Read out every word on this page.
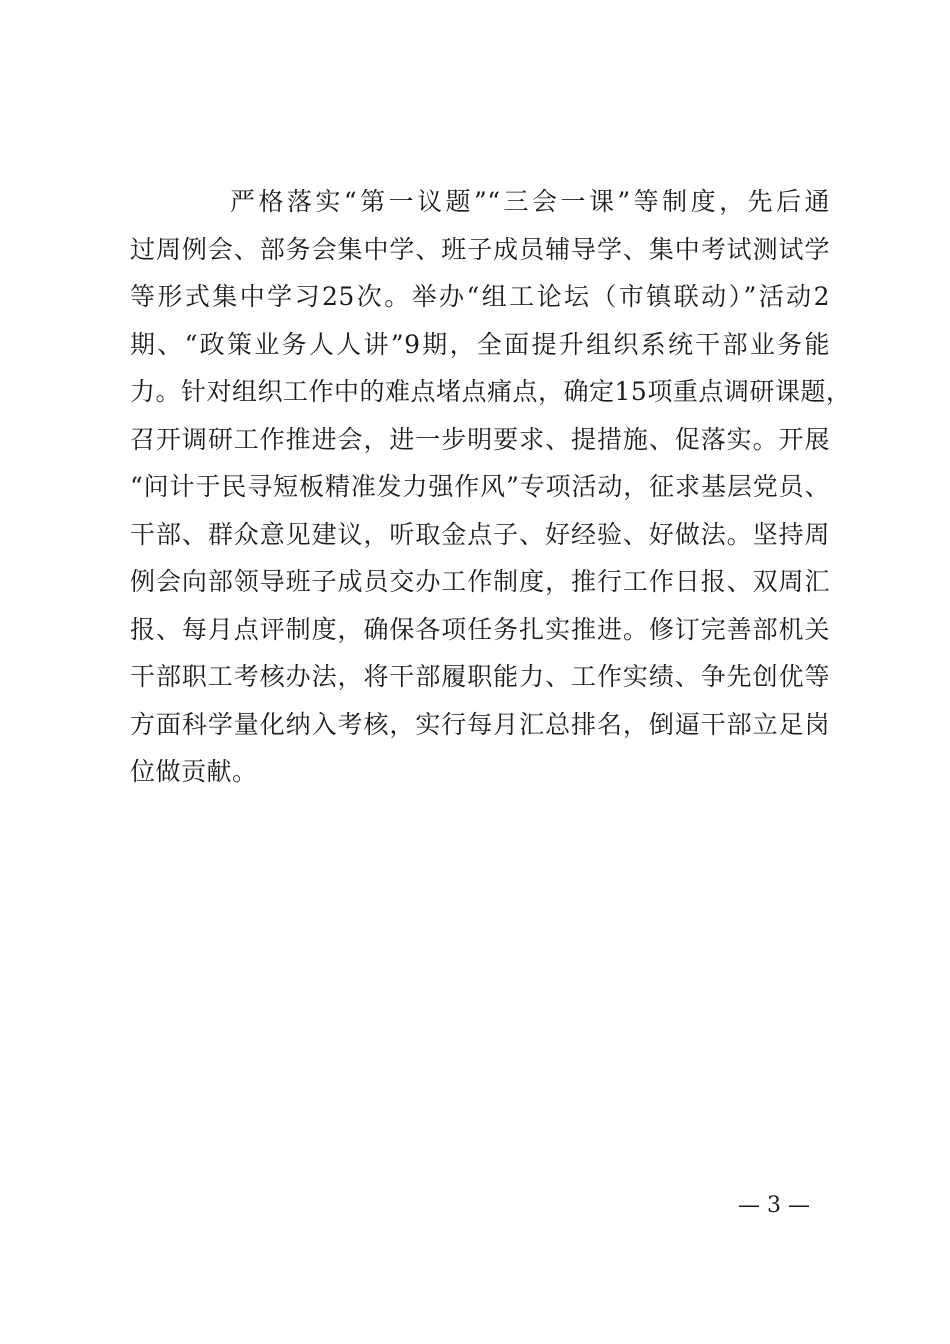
严格落实“第一议题”“三会一课”等制度，先后通
过周例会、部务会集中学、班子成员辅导学、集中考试测试学
等形式集中学习25次。举办“组工论坛（市镇联动）”活动2
期、“政策业务人人讲”9期，全面提升组织系统干部业务能
力。针对组织工作中的难点堵点痛点，确定15项重点调研课题，
召开调研工作推进会，进一步明要求、提措施、促落实。开展
“问计于民寻短板精准发力强作风”专项活动，征求基层党员、
干部、群众意见建议，听取金点子、好经验、好做法。坚持周
例会向部领导班子成员交办工作制度，推行工作日报、双周汇
报、每月点评制度，确保各项任务扎实推进。修订完善部机关
干部职工考核办法，将干部履职能力、工作实绩、争先创优等
方面科学量化纳入考核，实行每月汇总排名，倒逼干部立足岗
位做贡献。
— 3 —
